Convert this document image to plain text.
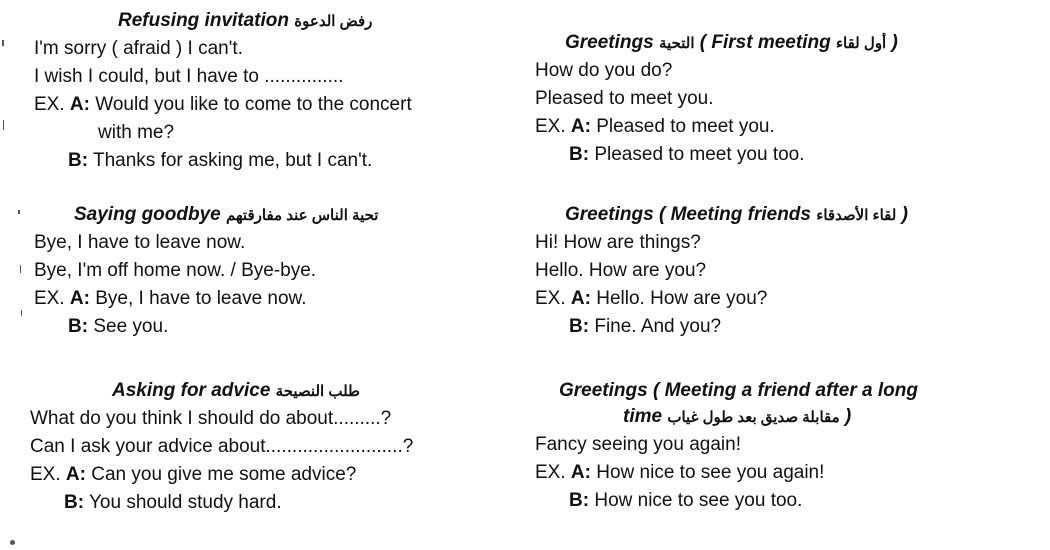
Refusing invitation رفض الدعوة
I'm sorry ( afraid ) I can't.
I wish I could, but I have to ...............
EX. A: Would you like to come to the concert
with me?
B: Thanks for asking me, but I can't.
Saying goodbye تحية الناس عند مفارقتهم
Bye, I have to leave now.
Bye, I'm off home now. / Bye-bye.
EX. A: Bye, I have to leave now.
B: See you.
Asking for advice طلب النصيحة
What do you think I should do about.........?
Can I ask your advice about..........................?
EX. A: Can you give me some advice?
B: You should study hard.
Greetings التحية ( First meeting أول لقاء )
How do you do?
Pleased to meet you.
EX. A: Pleased to meet you.
B: Pleased to meet you too.
Greetings ( Meeting friends لقاء الأصدقاء )
Hi! How are things?
Hello. How are you?
EX. A: Hello. How are you?
B: Fine. And you?
Greetings ( Meeting a friend after a long
time مقابلة صديق بعد طول غياب )
Fancy seeing you again!
EX. A: How nice to see you again!
B: How nice to see you too.
